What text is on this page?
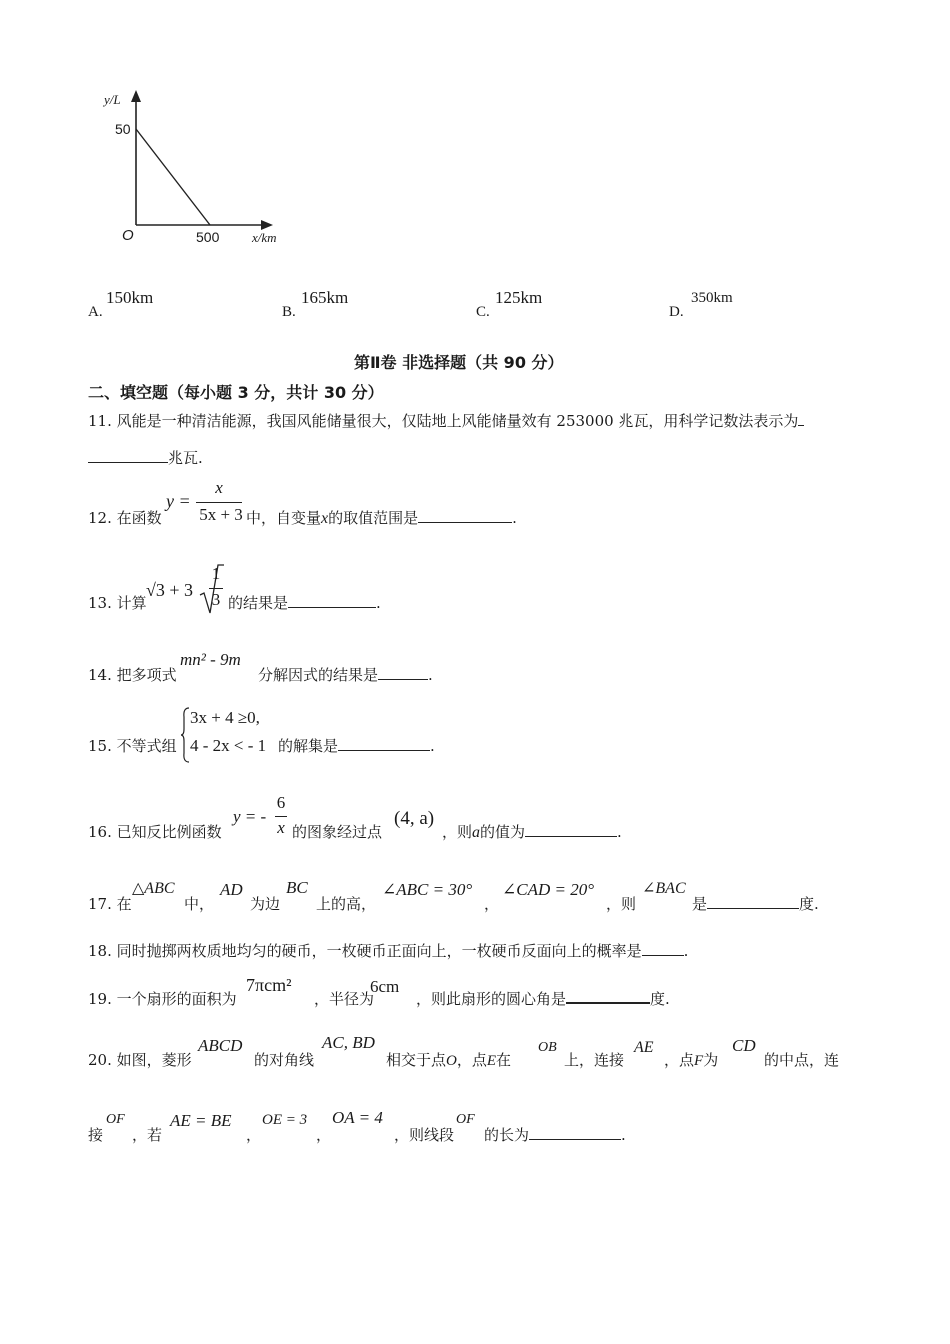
y/L
50
O	500	x/km
A.
150km
B.
165km
C.
125km
D.
350km
第Ⅱ卷 非选择题（共 90 分）
二、填空题（每小题 3 分，共计 30 分）
11. 风能是一种清洁能源，我国风能储量很大，仅陆地上风能储量效有 253000 兆瓦，用科学记数法表示为
兆瓦.
12. 在函数
y =
x
5x + 3 中，自变量x的取值范围是	.
13. 计算
√3 + 3
1
3 的结果是	.
14. 把多项式
mn² - 9m
分解因式的结果是	.
15. 不等式组
3x + 4 ≥0,
4 - 2x < - 1 的解集是	.
16. 已知反比例函数
y = -
6
x 的图象经过点
(4, a)
，则a的值为	.
17. 在
△ABC
中，
AD
为边
BC
上的高，
∠ABC = 30°
，
∠CAD = 20°
，则
∠BAC
是	度.
18. 同时抛掷两枚质地均匀的硬币，一枚硬币正面向上，一枚硬币反面向上的概率是	.
19. 一个扇形的面积为
7πcm²
，半径为
6cm
，则此扇形的圆心角是	度.
20. 如图，菱形
ABCD
的对角线
AC, BD
相交于点O，点E在
OB
上，连接
AE
，点F为
CD
的中点，连
接
OF
，若
AE = BE
，
OE = 3
，
OA = 4
，则线段
OF
的长为	.
